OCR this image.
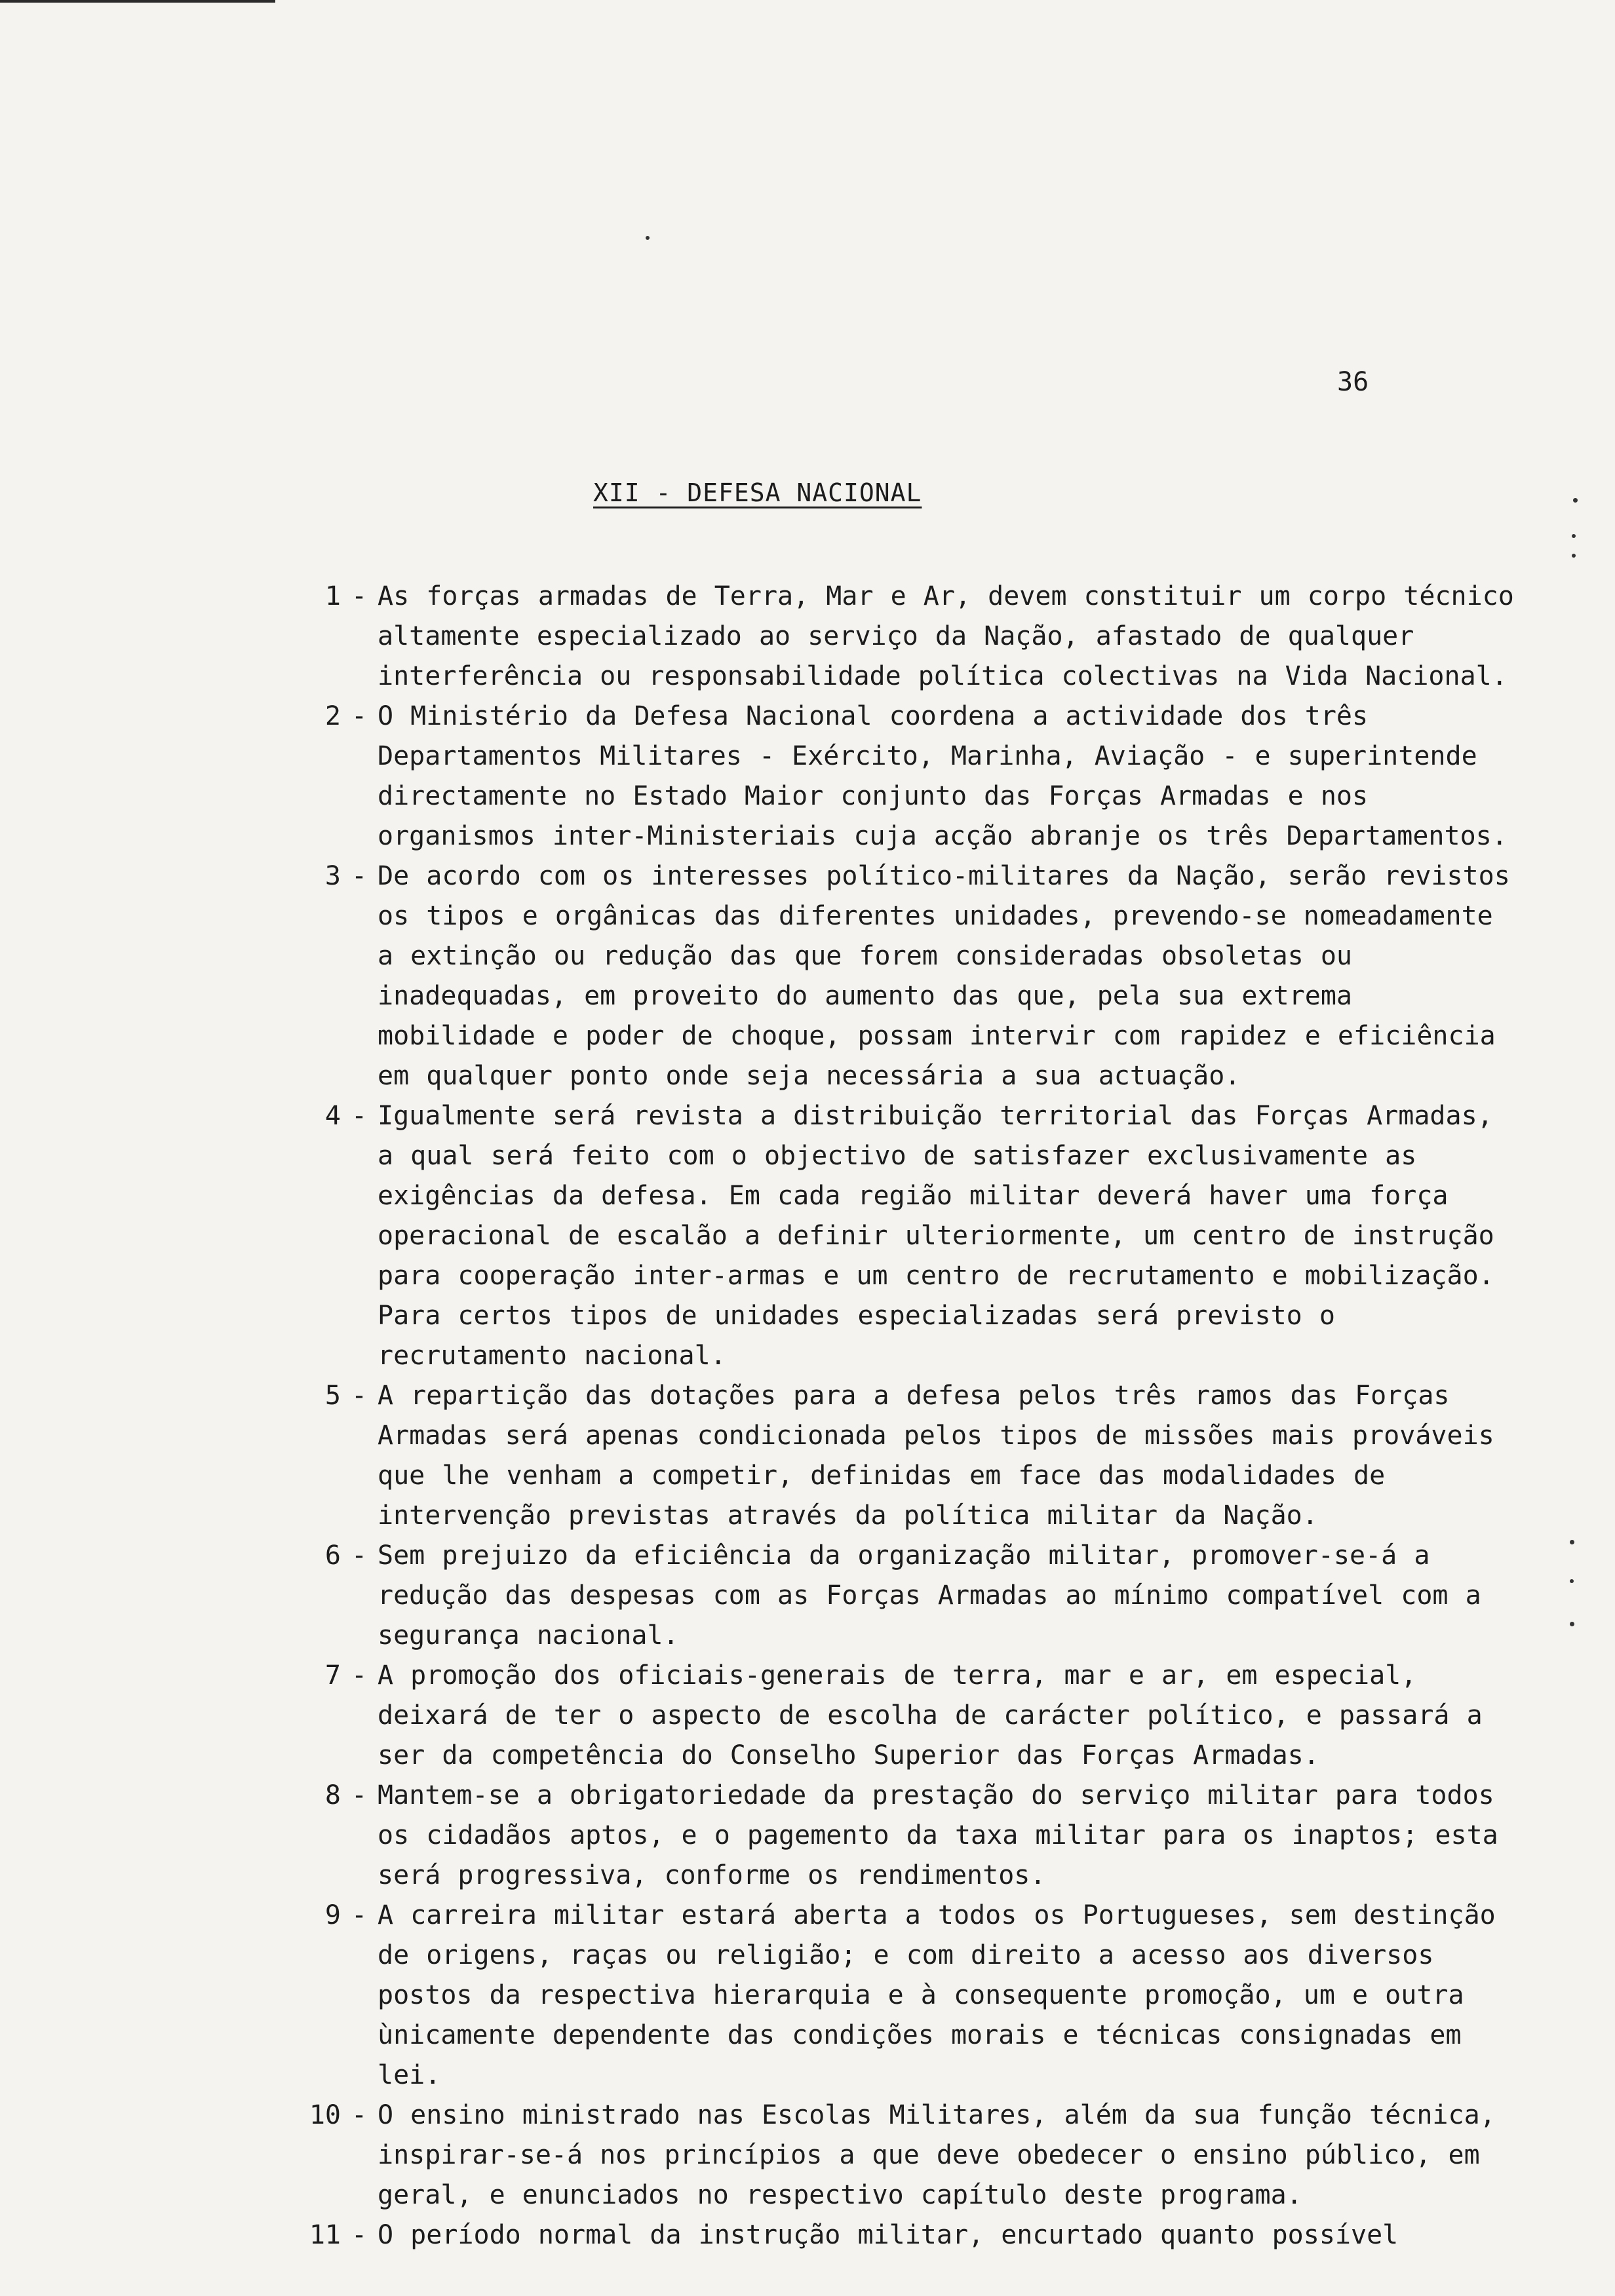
36
XII - DEFESA NACIONAL
1 - As forças armadas de Terra, Mar e Ar, devem constituir um corpo técnico altamente especializado ao serviço da Nação, afastado de qualquer interferência ou responsabilidade política colectivas na Vida Nacional.
2 - O Ministério da Defesa Nacional coordena a actividade dos três Departamentos Militares - Exército, Marinha, Aviação - e superintende directamente no Estado Maior conjunto das Forças Armadas e nos organismos inter-Ministeriais cuja acção abranje os três Departamentos.
3 - De acordo com os interesses político-militares da Nação, serão revistos os tipos e orgânicas das diferentes unidades, prevendo-se nomeadamente a extinção ou redução das que forem consideradas obsoletas ou inadequadas, em proveito do aumento das que, pela sua extrema mobilidade e poder de choque, possam intervir com rapidez e eficiência em qualquer ponto onde seja necessária a sua actuação.
4 - Igualmente será revista a distribuição territorial das Forças Armadas, a qual será feito com o objectivo de satisfazer exclusivamente as exigências da defesa. Em cada região militar deverá haver uma força operacional de escalão a definir ulteriormente, um centro de instrução para cooperação inter-armas e um centro de recrutamento e mobilização. Para certos tipos de unidades especializadas será previsto o recrutamento nacional.
5 - A repartição das dotações para a defesa pelos três ramos das Forças Armadas será apenas condicionada pelos tipos de missões mais prováveis que lhe venham a competir, definidas em face das modalidades de intervenção previstas através da política militar da Nação.
6 - Sem prejuizo da eficiência da organização militar, promover-se-á a redução das despesas com as Forças Armadas ao mínimo compatível com a segurança nacional.
7 - A promoção dos oficiais-generais de terra, mar e ar, em especial, deixará de ter o aspecto de escolha de carácter político, e passará a ser da competência do Conselho Superior das Forças Armadas.
8 - Mantem-se a obrigatoriedade da prestação do serviço militar para todos os cidadãos aptos, e o pagemento da taxa militar para os inaptos; esta será progressiva, conforme os rendimentos.
9 - A carreira militar estará aberta a todos os Portugueses, sem destinção de origens, raças ou religião; e com direito a acesso aos diversos postos da respectiva hierarquia e à consequente promoção, um e outra ùnicamente dependente das condições morais e técnicas consignadas em lei.
10 - O ensino ministrado nas Escolas Militares, além da sua função técnica, inspirar-se-á nos princípios a que deve obedecer o ensino público, em geral, e enunciados no respectivo capítulo deste programa.
11 - O período normal da instrução militar, encurtado quanto possível
